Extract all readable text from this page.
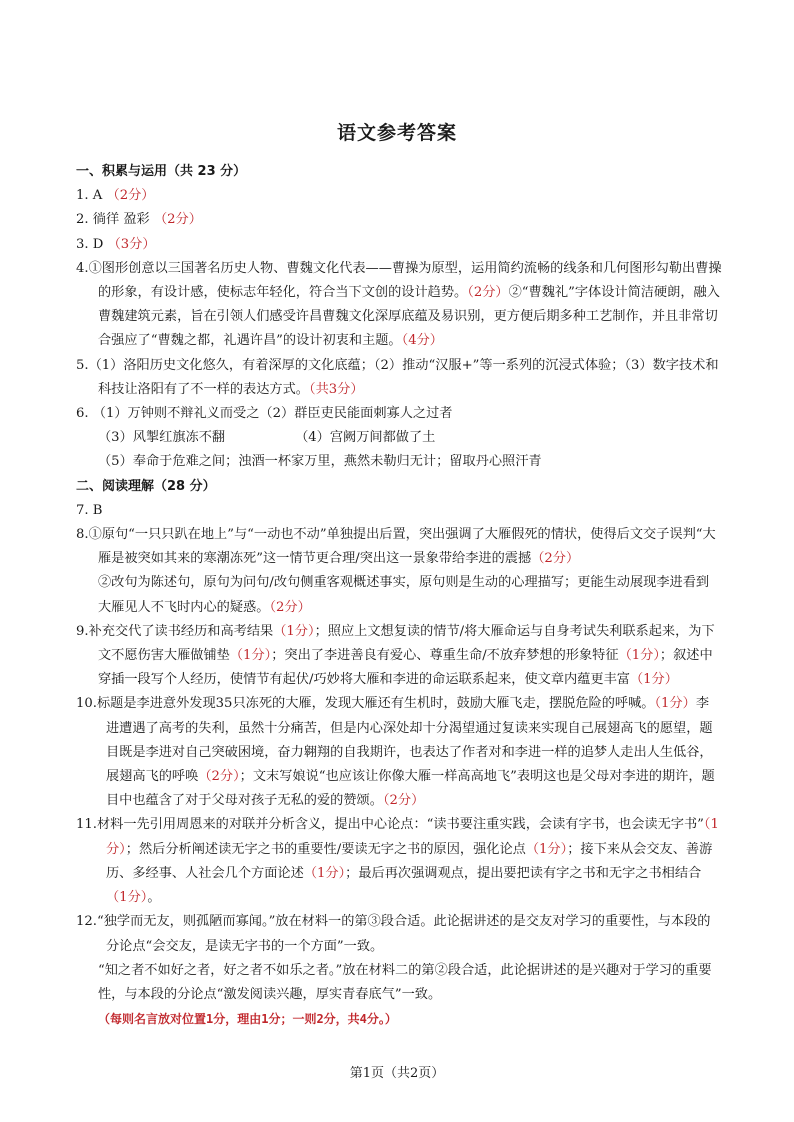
语文参考答案
一、积累与运用（共 23 分）
1. A （2分）
2. 徜徉 盈彩 （2分）
3. D （3分）
4.①图形创意以三国著名历史人物、曹魏文化代表——曹操为原型，运用简约流畅的线条和几何图形勾勒出曹操的形象，有设计感，使标志年轻化，符合当下文创的设计趋势。（2分）②“曹魏礼”字体设计简洁硬朗，融入曹魏建筑元素，旨在引领人们感受许昌曹魏文化深厚底蕴及易识别，更方便后期多种工艺制作，并且非常切合强应了“曹魏之都，礼遇许昌”的设计初衷和主题。（4分）
5.（1）洛阳历史文化悠久，有着深厚的文化底蕴；（2）推动“汉服+”等一系列的沉浸式体验；（3）数字技术和科技让洛阳有了不一样的表达方式。（共3分）
6. （1）万钟则不辩礼义而受之（2）群臣吏民能面刺寡人之过者
（3）风掣红旗冻不翻	（4）宫阙万间都做了土
（5）奉命于危难之间；浊酒一杯家万里，燕然未勒归无计；留取丹心照汗青
二、阅读理解（28 分）
7. B
8.①原句“一只只趴在地上”与“一动也不动”单独提出后置，突出强调了大雁假死的情状，使得后文交子误判“大雁是被突如其来的寒潮冻死”这一情节更合理/突出这一景象带给李进的震撼（2分）
②改句为陈述句，原句为问句/改句侧重客观概述事实，原句则是生动的心理描写；更能生动展现李进看到大雁见人不飞时内心的疑惑。（2分）
9.补充交代了读书经历和高考结果（1分）；照应上文想复读的情节/将大雁命运与自身考试失利联系起来，为下文不愿伤害大雁做铺垫（1分）；突出了李进善良有爱心、尊重生命/不放弃梦想的形象特征（1分）；叙述中穿插一段写个人经历，使情节有起伏/巧妙将大雁和李进的命运联系起来，使文章内蕴更丰富（1分）
10.标题是李进意外发现35只冻死的大雁，发现大雁还有生机时，鼓励大雁飞走，摆脱危险的呼喊。（1分）李进遭遇了高考的失利，虽然十分痛苦，但是内心深处却十分渴望通过复读来实现自己展翅高飞的愿望，题目既是李进对自己突破困境，奋力翱翔的自我期许，也表达了作者对和李进一样的追梦人走出人生低谷，展翅高飞的呼唤（2分）；文末写娘说“也应该让你像大雁一样高高地飞”表明这也是父母对李进的期许，题目中也蕴含了对于父母对孩子无私的爱的赞颂。（2分）
11.材料一先引用周恩来的对联并分析含义，提出中心论点：“读书要注重实践，会读有字书，也会读无字书”（1分）；然后分析阐述读无字之书的重要性/要读无字之书的原因，强化论点（1分）；接下来从会交友、善游历、多经事、人社会几个方面论述（1分）；最后再次强调观点，提出要把读有字之书和无字之书相结合（1分）。
12.“独学而无友，则孤陋而寡闻。”放在材料一的第③段合适。此论据讲述的是交友对学习的重要性，与本段的分论点“会交友，是读无字书的一个方面”一致。
“知之者不如好之者，好之者不如乐之者。”放在材料二的第②段合适，此论据讲述的是兴趣对于学习的重要性，与本段的分论点“激发阅读兴趣，厚实青春底气”一致。
（每则名言放对位置1分，理由1分；一则2分，共4分。）
第1页（共2页）
